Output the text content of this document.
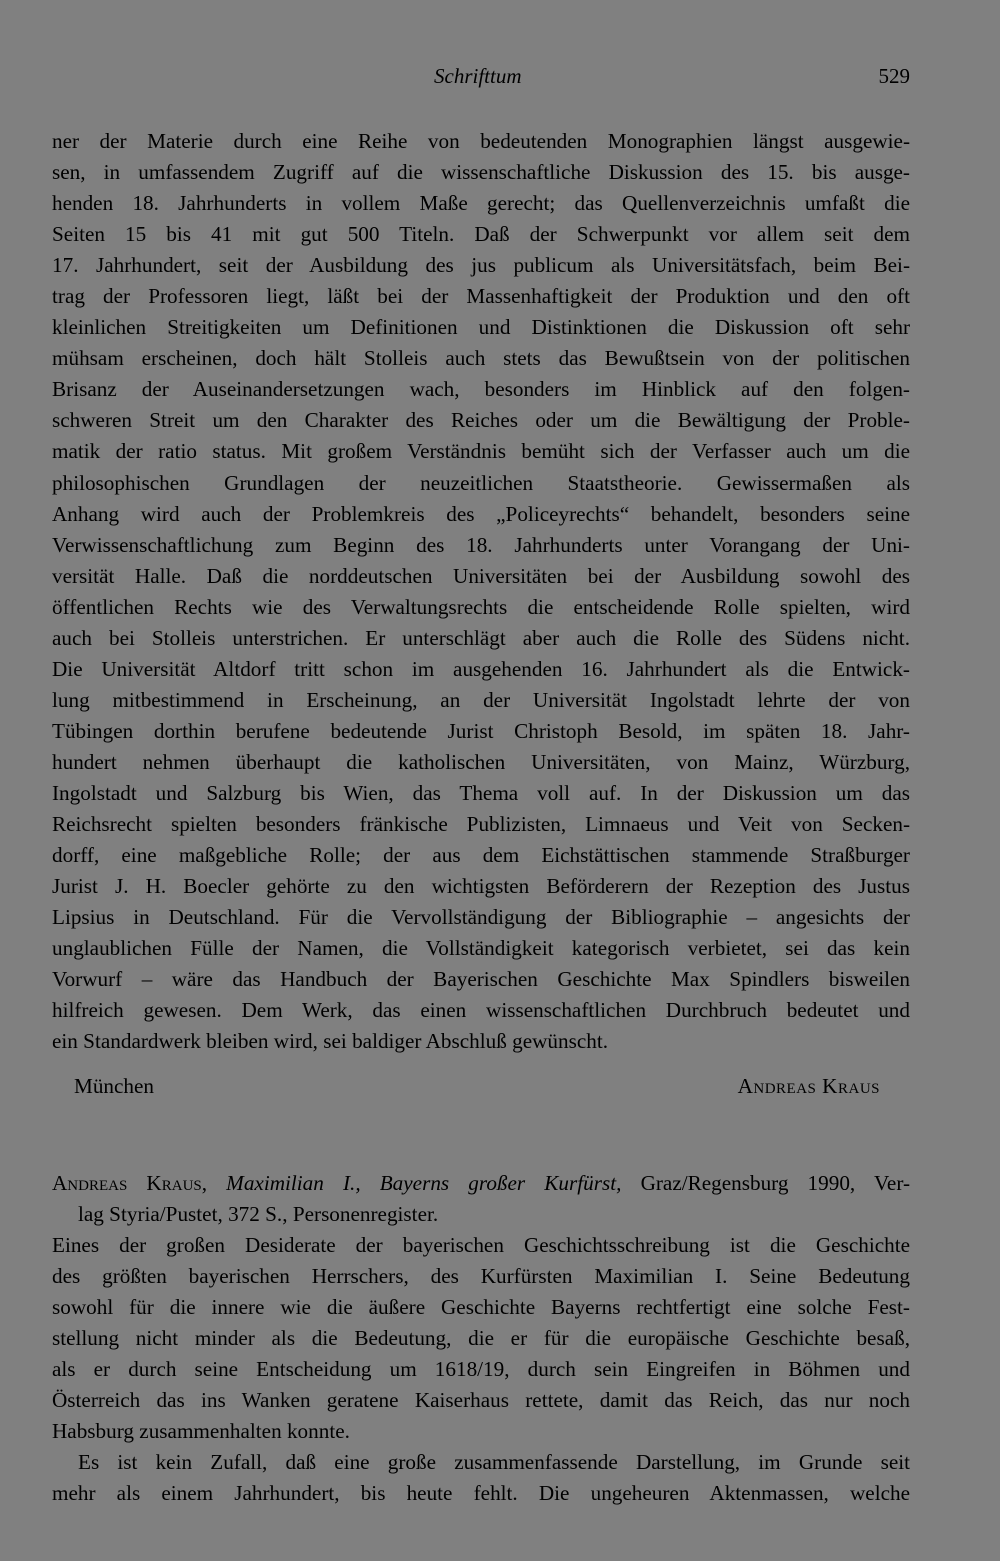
Schrifttum	529
ner der Materie durch eine Reihe von bedeutenden Monographien längst ausgewie-
sen, in umfassendem Zugriff auf die wissenschaftliche Diskussion des 15. bis ausge-
henden 18. Jahrhunderts in vollem Maße gerecht; das Quellenverzeichnis umfaßt die
Seiten 15 bis 41 mit gut 500 Titeln. Daß der Schwerpunkt vor allem seit dem
17. Jahrhundert, seit der Ausbildung des jus publicum als Universitätsfach, beim Bei-
trag der Professoren liegt, läßt bei der Massenhaftigkeit der Produktion und den oft
kleinlichen Streitigkeiten um Definitionen und Distinktionen die Diskussion oft sehr
mühsam erscheinen, doch hält Stolleis auch stets das Bewußtsein von der politischen
Brisanz der Auseinandersetzungen wach, besonders im Hinblick auf den folgen-
schweren Streit um den Charakter des Reiches oder um die Bewältigung der Proble-
matik der ratio status. Mit großem Verständnis bemüht sich der Verfasser auch um die
philosophischen Grundlagen der neuzeitlichen Staatstheorie. Gewissermaßen als
Anhang wird auch der Problemkreis des „Policeyrechts“ behandelt, besonders seine
Verwissenschaftlichung zum Beginn des 18. Jahrhunderts unter Vorangang der Uni-
versität Halle. Daß die norddeutschen Universitäten bei der Ausbildung sowohl des
öffentlichen Rechts wie des Verwaltungsrechts die entscheidende Rolle spielten, wird
auch bei Stolleis unterstrichen. Er unterschlägt aber auch die Rolle des Südens nicht.
Die Universität Altdorf tritt schon im ausgehenden 16. Jahrhundert als die Entwick-
lung mitbestimmend in Erscheinung, an der Universität Ingolstadt lehrte der von
Tübingen dorthin berufene bedeutende Jurist Christoph Besold, im späten 18. Jahr-
hundert nehmen überhaupt die katholischen Universitäten, von Mainz, Würzburg,
Ingolstadt und Salzburg bis Wien, das Thema voll auf. In der Diskussion um das
Reichsrecht spielten besonders fränkische Publizisten, Limnaeus und Veit von Secken-
dorff, eine maßgebliche Rolle; der aus dem Eichstättischen stammende Straßburger
Jurist J. H. Boecler gehörte zu den wichtigsten Beförderern der Rezeption des Justus
Lipsius in Deutschland. Für die Vervollständigung der Bibliographie – angesichts der
unglaublichen Fülle der Namen, die Vollständigkeit kategorisch verbietet, sei das kein
Vorwurf – wäre das Handbuch der Bayerischen Geschichte Max Spindlers bisweilen
hilfreich gewesen. Dem Werk, das einen wissenschaftlichen Durchbruch bedeutet und
ein Standardwerk bleiben wird, sei baldiger Abschluß gewünscht.
München	Andreas Kraus
Andreas Kraus, Maximilian I., Bayerns großer Kurfürst, Graz/Regensburg 1990, Ver-
lag Styria/Pustet, 372 S., Personenregister.
Eines der großen Desiderate der bayerischen Geschichtsschreibung ist die Geschichte
des größten bayerischen Herrschers, des Kurfürsten Maximilian I. Seine Bedeutung
sowohl für die innere wie die äußere Geschichte Bayerns rechtfertigt eine solche Fest-
stellung nicht minder als die Bedeutung, die er für die europäische Geschichte besaß,
als er durch seine Entscheidung um 1618/19, durch sein Eingreifen in Böhmen und
Österreich das ins Wanken geratene Kaiserhaus rettete, damit das Reich, das nur noch
Habsburg zusammenhalten konnte.
Es ist kein Zufall, daß eine große zusammenfassende Darstellung, im Grunde seit
mehr als einem Jahrhundert, bis heute fehlt. Die ungeheuren Aktenmassen, welche
